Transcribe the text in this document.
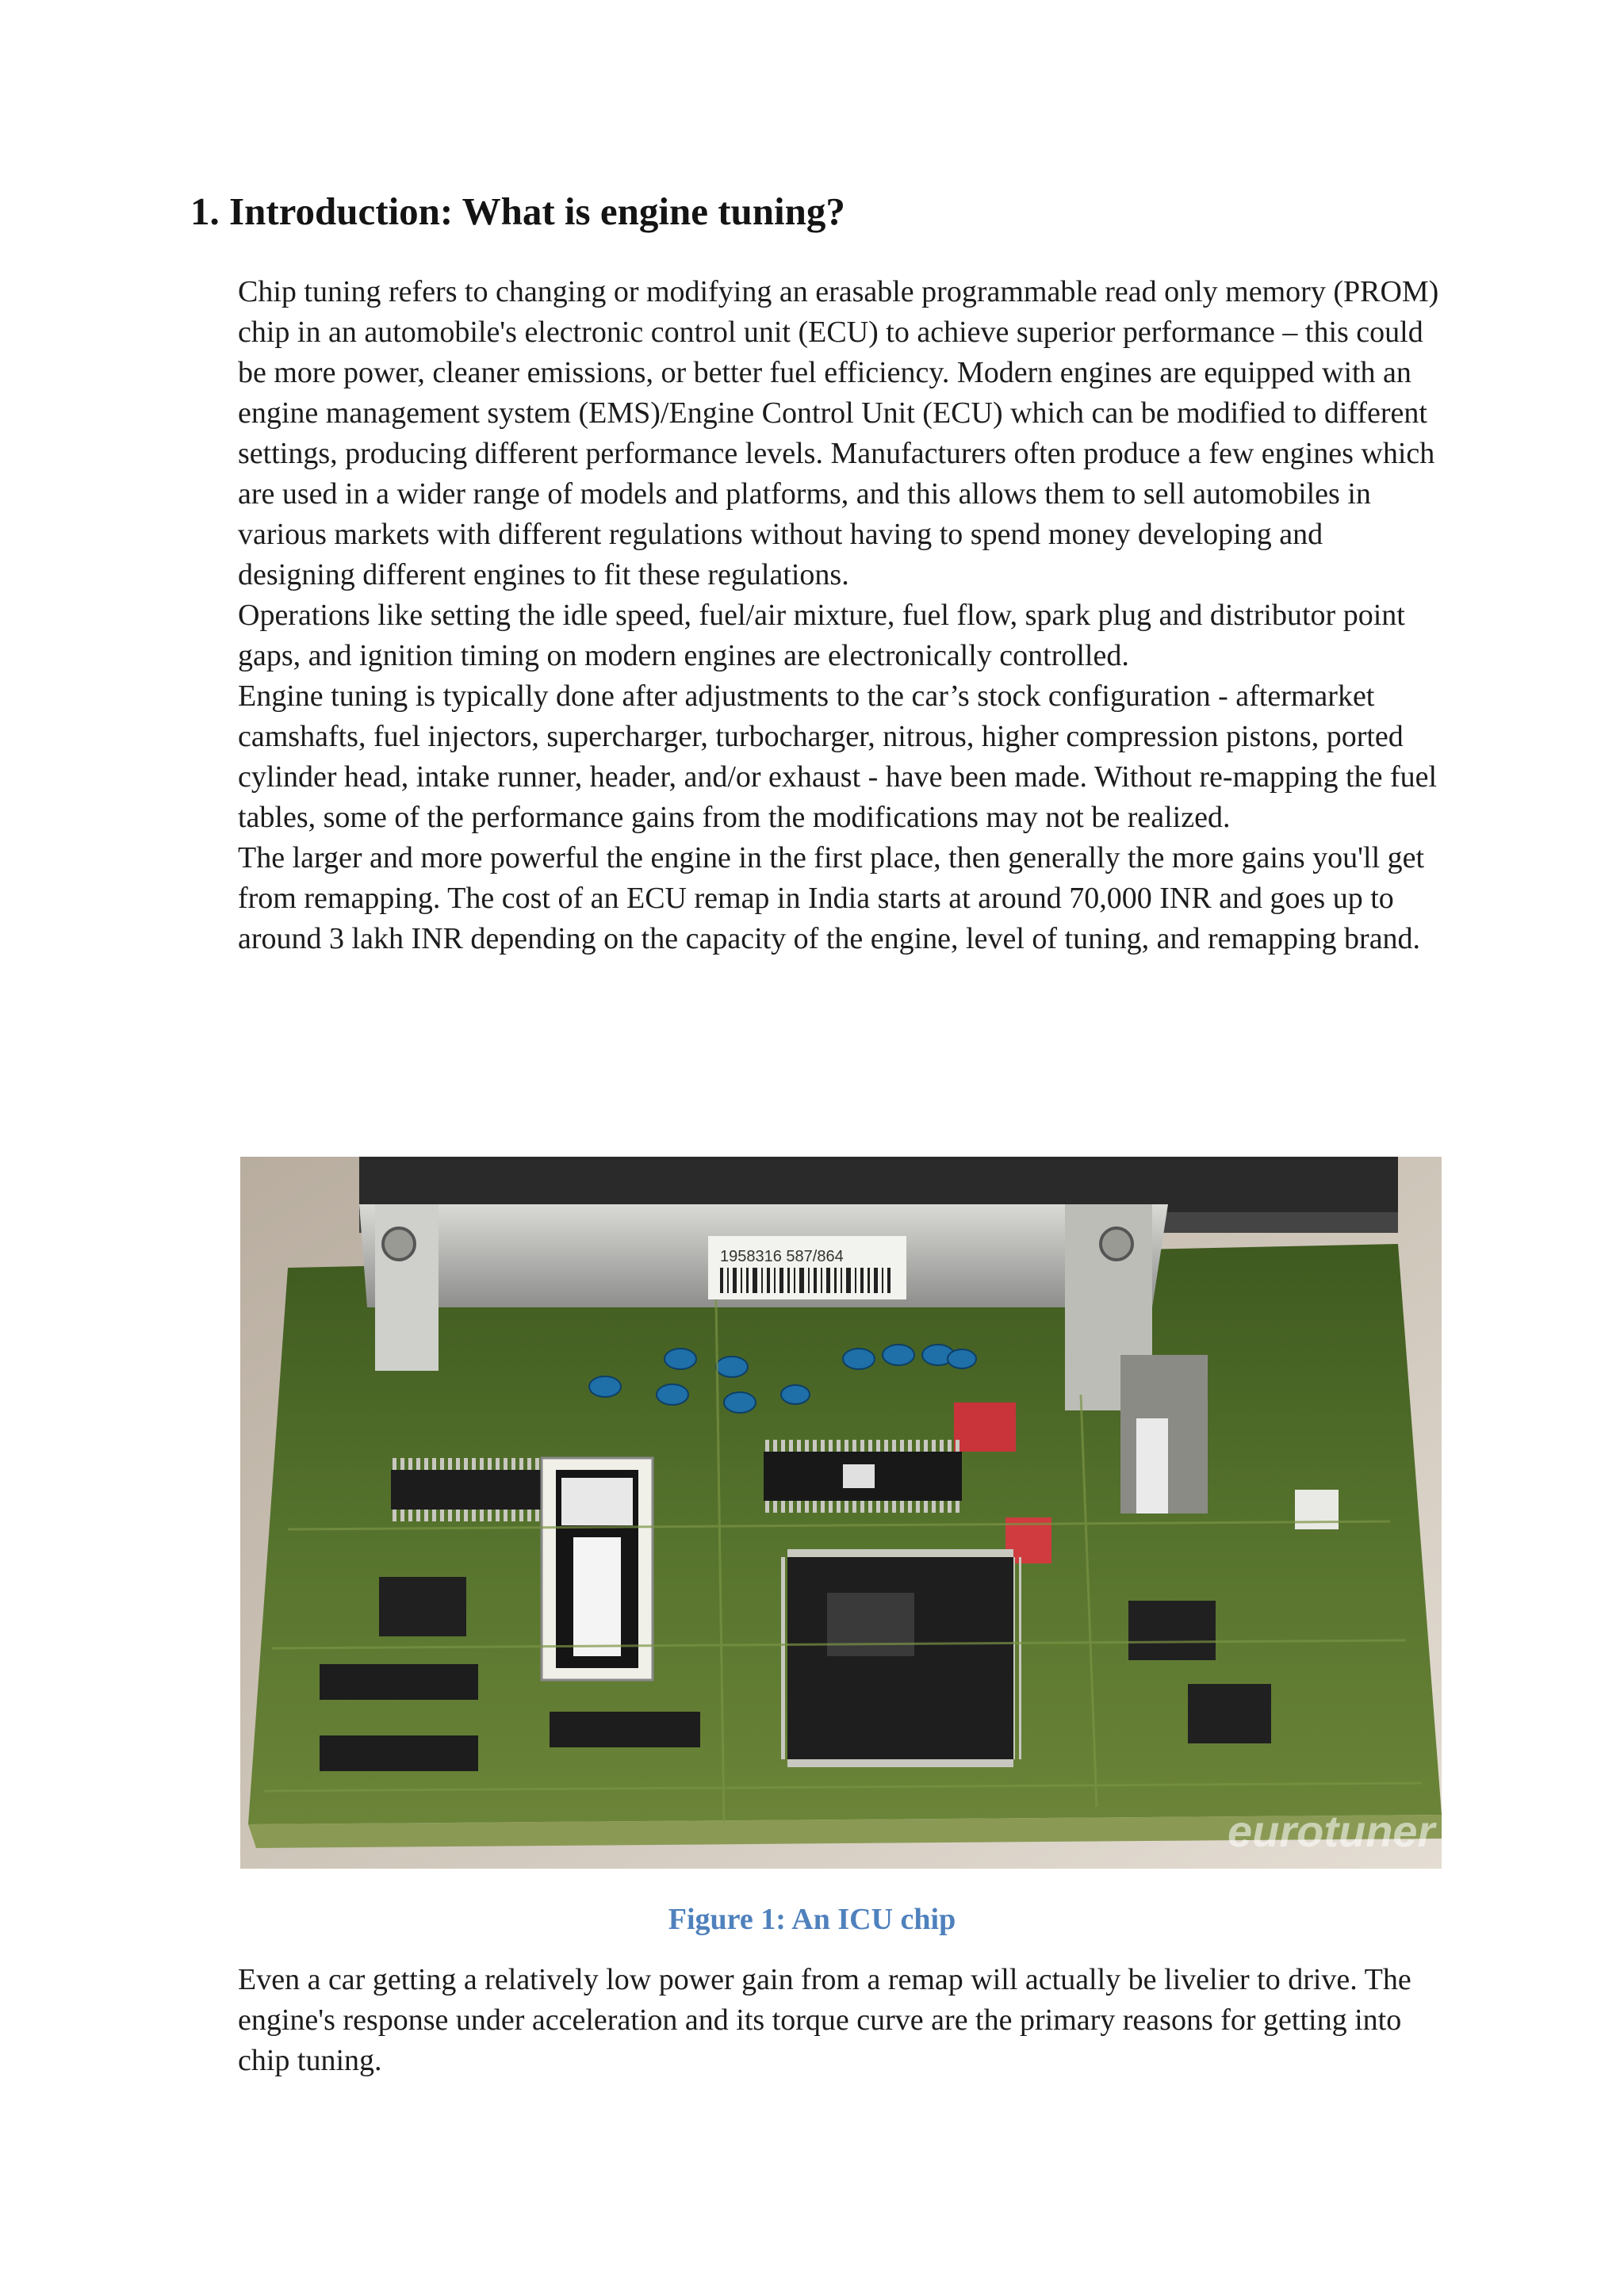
1. Introduction: What is engine tuning?

Chip tuning refers to changing or modifying an erasable programmable read only memory (PROM) chip in an automobile's electronic control unit (ECU) to achieve superior performance – this could be more power, cleaner emissions, or better fuel efficiency. Modern engines are equipped with an engine management system (EMS)/Engine Control Unit (ECU) which can be modified to different settings, producing different performance levels. Manufacturers often produce a few engines which are used in a wider range of models and platforms, and this allows them to sell automobiles in various markets with different regulations without having to spend money developing and designing different engines to fit these regulations.

Operations like setting the idle speed, fuel/air mixture, fuel flow, spark plug and distributor point gaps, and ignition timing on modern engines are electronically controlled.

Engine tuning is typically done after adjustments to the car’s stock configuration - aftermarket camshafts, fuel injectors, supercharger, turbocharger, nitrous, higher compression pistons, ported cylinder head, intake runner, header, and/or exhaust - have been made. Without re-mapping the fuel tables, some of the performance gains from the modifications may not be realized.

The larger and more powerful the engine in the first place, then generally the more gains you'll get from remapping. The cost of an ECU remap in India starts at around 70,000 INR and goes up to around 3 lakh INR depending on the capacity of the engine, level of tuning, and remapping brand.

1958316 587/864
eurotuner
Figure 1: An ICU chip

Even a car getting a relatively low power gain from a remap will actually be livelier to drive. The engine's response under acceleration and its torque curve are the primary reasons for getting into chip tuning.
